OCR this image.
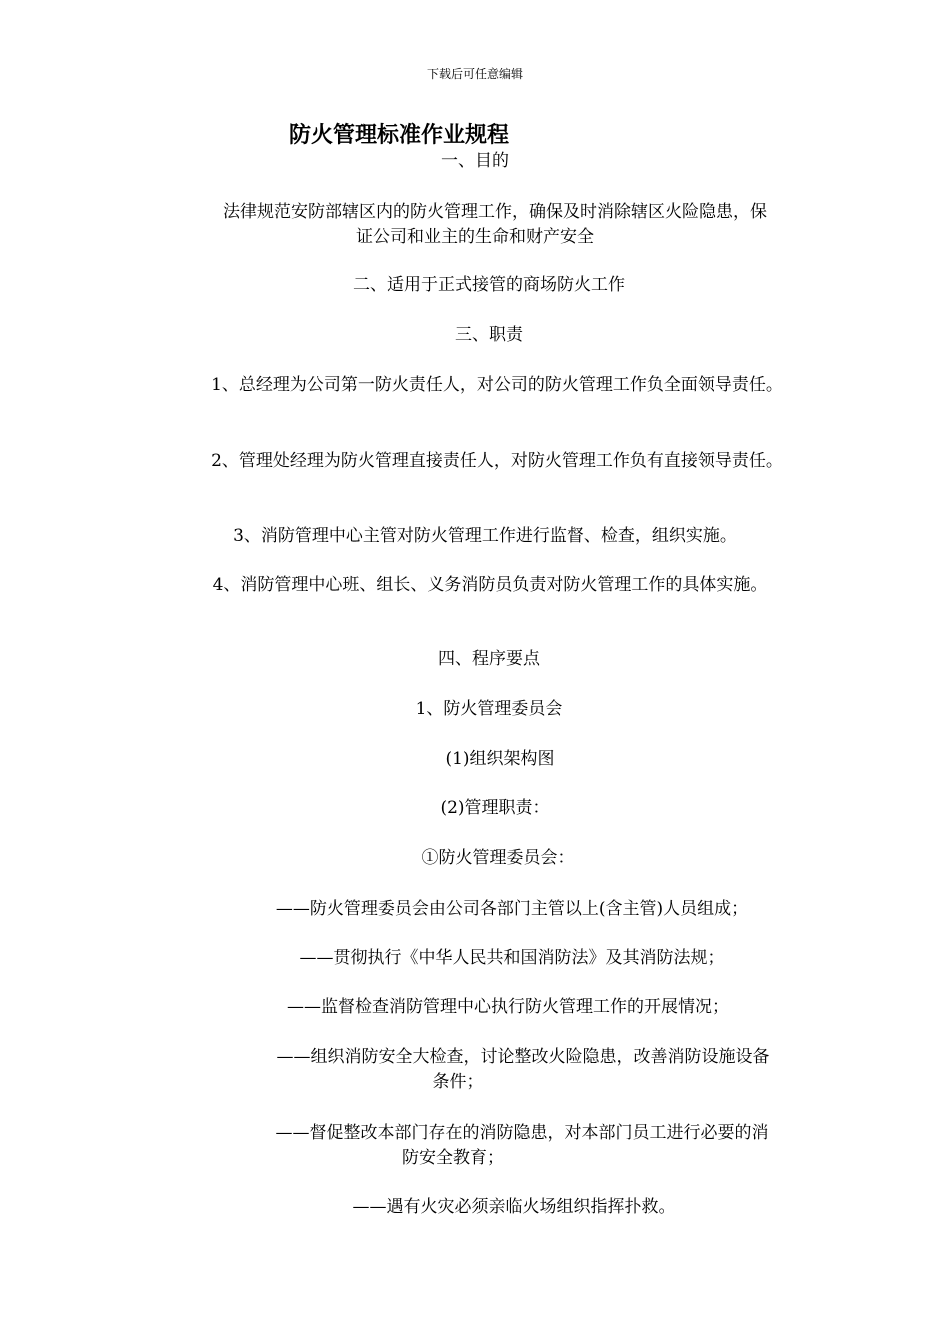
下载后可任意编辑
防火管理标准作业规程
一、目的
法律规范安防部辖区内的防火管理工作，确保及时消除辖区火险隐患，保
证公司和业主的生命和财产安全
二、适用于正式接管的商场防火工作
三、职责
1、总经理为公司第一防火责任人，对公司的防火管理工作负全面领导责任。
2、管理处经理为防火管理直接责任人，对防火管理工作负有直接领导责任。
3、消防管理中心主管对防火管理工作进行监督、检查，组织实施。
4、消防管理中心班、组长、义务消防员负责对防火管理工作的具体实施。
四、程序要点
1、防火管理委员会
(1)组织架构图
(2)管理职责：
①防火管理委员会：
——防火管理委员会由公司各部门主管以上(含主管)人员组成；
——贯彻执行《中华人民共和国消防法》及其消防法规；
——监督检查消防管理中心执行防火管理工作的开展情况；
——组织消防安全大检查，讨论整改火险隐患，改善消防设施设备
条件；
——督促整改本部门存在的消防隐患，对本部门员工进行必要的消
防安全教育；
——遇有火灾必须亲临火场组织指挥扑救。
